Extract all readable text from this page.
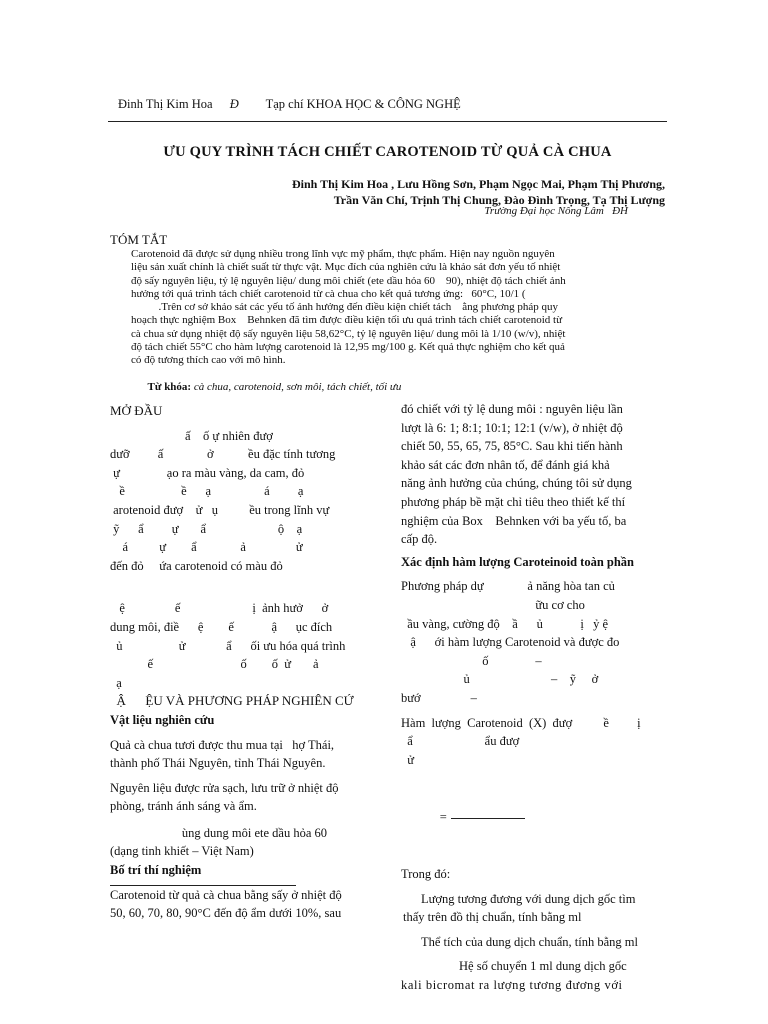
Đinh Thị Kim Hoa Đ Tạp chí KHOA HỌC & CÔNG NGHỆ
ƯU QUY TRÌNH TÁCH CHIẾT CAROTENOID TỪ QUẢ CÀ CHUA
Đinh Thị Kim Hoa , Lưu Hồng Sơn, Phạm Ngọc Mai, Phạm Thị Phương,
Trần Văn Chí, Trịnh Thị Chung, Đào Đình Trọng, Tạ Thị Lượng
Trường Đại học Nông Lâm   ĐH
TÓM TẮT

Carotenoid đã được sử dụng nhiều trong lĩnh vực mỹ phẩm, thực phẩm. Hiện nay nguồn nguyên

liệu sản xuất chính là chiết suất từ thực vật. Mục đích của nghiên cứu là khảo sát đơn yếu tố nhiệt

độ sấy nguyên liệu, tỷ lệ nguyên liệu/ dung môi chiết (ete dầu hỏa 60    90), nhiệt độ tách chiết ảnh

hưởng tới quá trình tách chiết carotenoid từ cà chua cho kết quả tương ứng:   60°C, 10/1 (

.Trên cơ sở khảo sát các yếu tố ảnh hưởng đến điều kiện chiết tách    ằng phương pháp quy

hoạch thực nghiệm Box    Behnken đã tìm được điều kiện tối ưu quá trình tách chiết carotenoid từ

cà chua sử dụng nhiệt độ sấy nguyên liệu 58,62°C, tỷ lệ nguyên liệu/ dung môi là 1/10 (w/v), nhiệt

độ tách chiết 55°C cho hàm lượng carotenoid là 12,95 mg/100 g. Kết quả thực nghiệm cho kết quả

có độ tương thích cao với mô hình.

Từ khóa: cà chua, carotenoid, sơn môi, tách chiết, tối ưu

MỞ ĐẦU

ấ    ố ự nhiên đượ

dưỡ         ấ              ở           ều đặc tính tương

ự               ạo ra màu vàng, da cam, đỏ

ề                  ề      ạ                 á         ạ

arotenoid đượ    ử   ụ          ều trong lĩnh vự

ỹ      ẩ         ự       ẩ                       ộ    ạ

á          ự        ẩ              ả                ử

đến đỏ     ứa carotenoid có màu đỏ

ệ                ế                       ị  ảnh hưở      ở

dung môi, điề      ệ        ế            ậ      ục đích

ủ                  ử             ẩ      ối ưu hóa quá trình

ế                            ố        ố  ử       ả

ạ

Ậ      ỆU VÀ PHƯƠNG PHÁP NGHIÊN CỨ

Vật liệu nghiên cứu

Quả cà chua tươi được thu mua tại   hợ Thái,

thành phố Thái Nguyên, tỉnh Thái Nguyên.

Nguyên liệu được rửa sạch, lưu trữ ở nhiệt độ

phòng, tránh ánh sáng và ẩm.

ùng dung môi ete dầu hỏa 60

(dạng tinh khiết – Việt Nam)

Bố trí thí nghiệm

Carotenoid từ quả cà chua bằng sấy ở nhiệt độ

50, 60, 70, 80, 90°C đến độ ẩm dưới 10%, sau

đó chiết với tỷ lệ dung môi : nguyên liệu lần

lượt là 6: 1; 8:1; 10:1; 12:1 (v/w), ở nhiệt độ

chiết 50, 55, 65, 75, 85°C. Sau khi tiến hành

khảo sát các đơn nhân tố, để đánh giá khả

năng ảnh hưởng của chúng, chúng tôi sử dụng

phương pháp bề mặt chỉ tiêu theo thiết kế thí

nghiệm của Box    Behnken với ba yếu tố, ba

cấp độ.

Xác định hàm lượng Caroteinoid toàn phần

Phương pháp dự              ả năng hòa tan củ

ữu cơ cho

ầu vàng, cường độ    ầ      ủ            ị   ỷ ệ

ậ      ới hàm lượng Carotenoid và được đo

ố               –

ủ                          –    ỹ     ở

bướ                –

Hàm  lượng  Carotenoid  (X)  đượ          ề         ị

ẩ                       ẩu đượ

ử

=

Trong đó:

Lượng tương đương với dung dịch gốc tìm

thấy trên đồ thị chuẩn, tính bằng ml

Thể tích của dung dịch chuẩn, tính bằng ml

Hệ số chuyển 1 ml dung dịch gốc

kali bicromat ra lượng tương đương với
